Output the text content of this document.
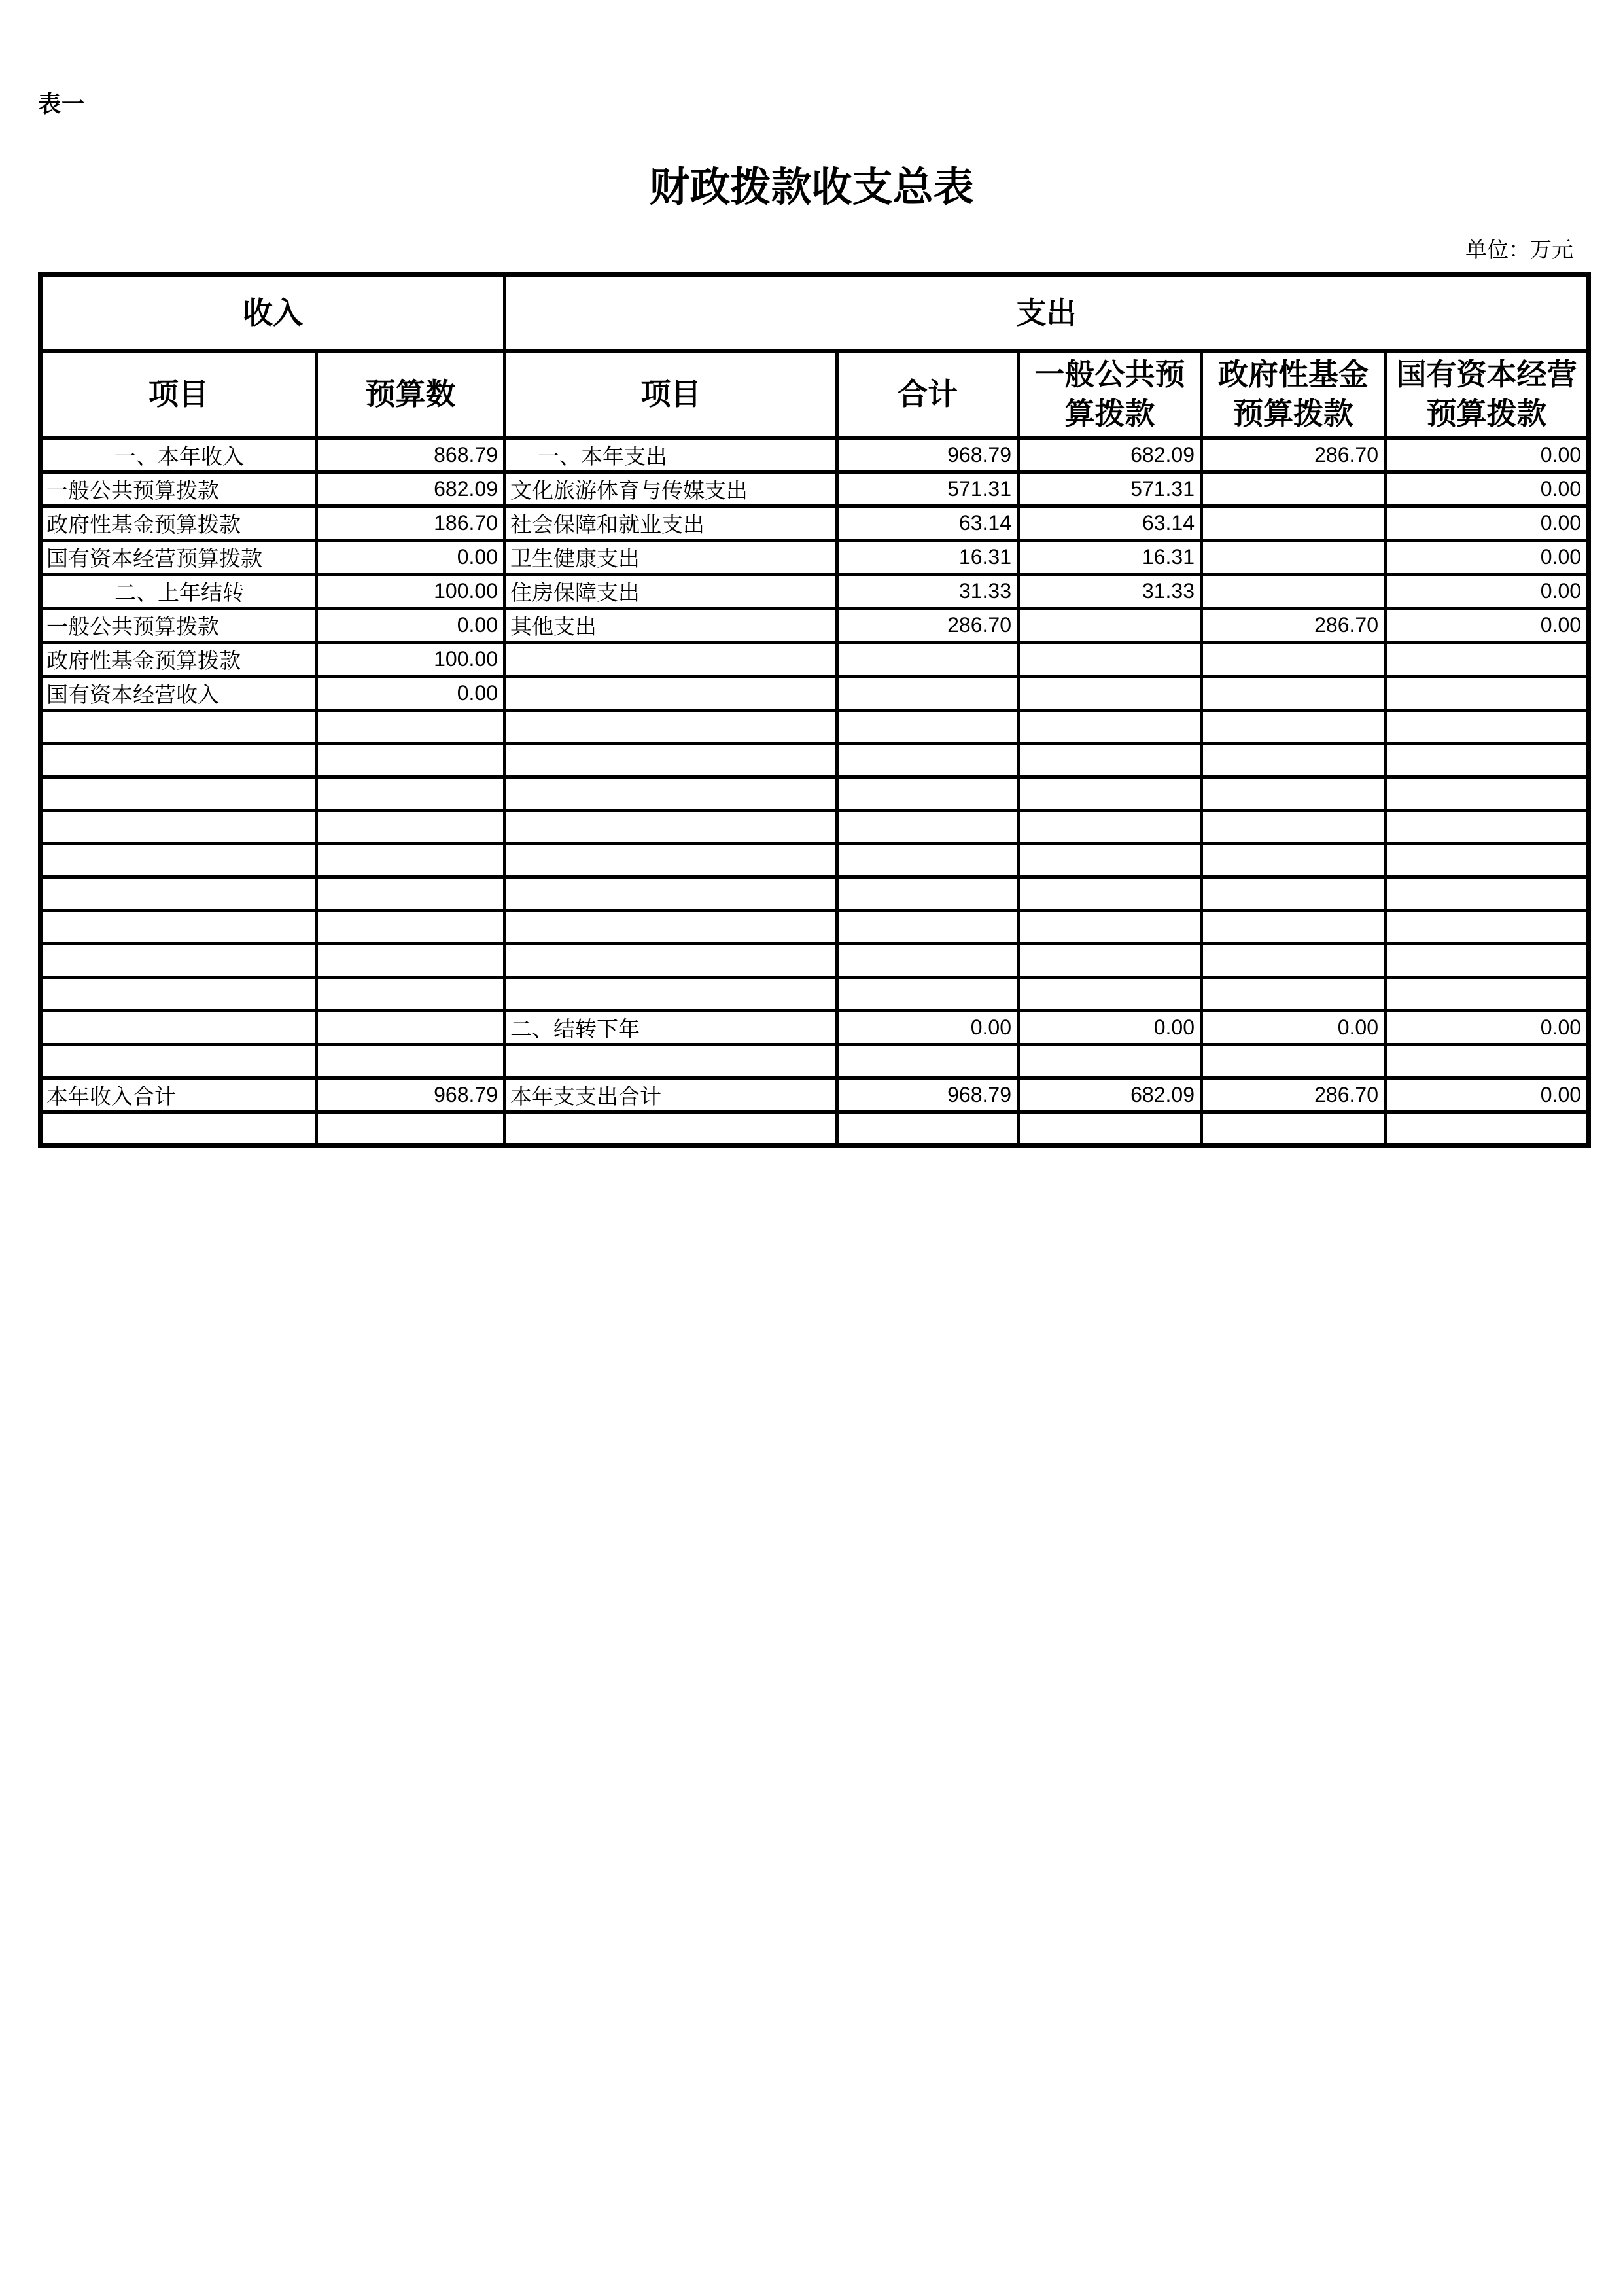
表一
财政拨款收支总表
单位：万元
收入		支出				
项目	预算数	项目	合计	一般公共预算拨款	政府性基金预算拨款	国有资本经营预算拨款
一、本年收入	868.79	一、本年支出	968.79	682.09	286.70	0.00
一般公共预算拨款	682.09	文化旅游体育与传媒支出	571.31	571.31		0.00
政府性基金预算拨款	186.70	社会保障和就业支出	63.14	63.14		0.00
国有资本经营预算拨款	0.00	卫生健康支出	16.31	16.31		0.00
二、上年结转	100.00	住房保障支出	31.33	31.33		0.00
一般公共预算拨款	0.00	其他支出	286.70		286.70	0.00
政府性基金预算拨款	100.00					
国有资本经营收入	0.00					

		二、结转下年	0.00	0.00	0.00	0.00

本年收入合计	968.79	本年支支出合计	968.79	682.09	286.70	0.00
